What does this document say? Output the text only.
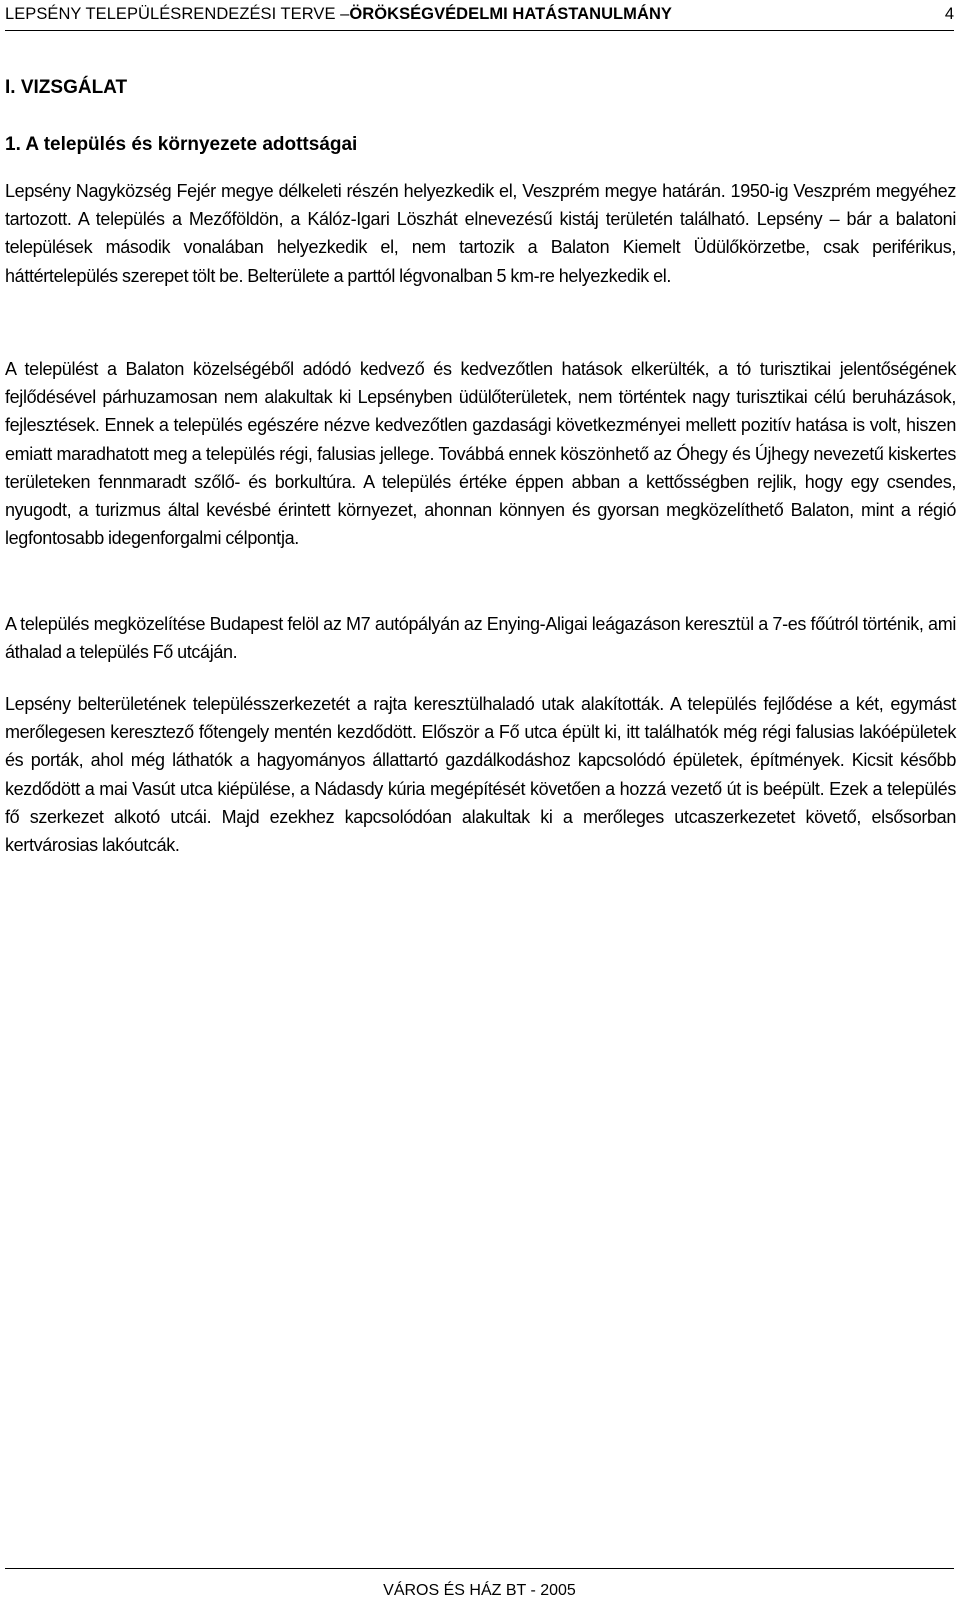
LEPSÉNY TELEPÜLÉSRENDEZÉSI TERVE –ÖRÖKSÉGVÉDELMI HATÁSTANULMÁNY	4
I. VIZSGÁLAT
1. A település és környezete adottságai

Lepsény Nagyközség Fejér megye délkeleti részén helyezkedik el, Veszprém megye határán. 1950-ig Veszprém megyéhez tartozott. A település a Mezőföldön, a Kálóz-Igari Löszhát elnevezésű kistáj területén található. Lepsény – bár a balatoni települések második vonalában helyezkedik el, nem tartozik a Balaton Kiemelt Üdülőkörzetbe, csak periférikus, háttértelepülés szerepet tölt be. Belterülete a parttól légvonalban 5 km-re helyezkedik el.

A települést a Balaton közelségéből adódó kedvező és kedvezőtlen hatások elkerülték, a tó turisztikai jelentőségének fejlődésével párhuzamosan nem alakultak ki Lepsényben üdülőterületek, nem történtek nagy turisztikai célú beruházások, fejlesztések. Ennek a település egészére nézve kedvezőtlen gazdasági következményei mellett pozitív hatása is volt, hiszen emiatt maradhatott meg a település régi, falusias jellege. Továbbá ennek köszönhető az Óhegy és Újhegy nevezetű kiskertes területeken fennmaradt szőlő- és borkultúra. A település értéke éppen abban a kettősségben rejlik, hogy egy csendes, nyugodt, a turizmus által kevésbé érintett környezet, ahonnan könnyen és gyorsan megközelíthető Balaton, mint a régió legfontosabb idegenforgalmi célpontja.

A település megközelítése Budapest felöl az M7 autópályán az Enying-Aligai leágazáson keresztül a 7-es főútról történik, ami áthalad a település Fő utcáján.

Lepsény belterületének településszerkezetét a rajta keresztülhaladó utak alakították. A település fejlődése a két, egymást merőlegesen keresztező főtengely mentén kezdődött. Először a Fő utca épült ki, itt találhatók még régi falusias lakóépületek és porták, ahol még láthatók a hagyományos állattartó gazdálkodáshoz kapcsolódó épületek, építmények. Kicsit később kezdődött a mai Vasút utca kiépülése, a Nádasdy kúria megépítését követően a hozzá vezető út is beépült. Ezek a település fő szerkezet alkotó utcái. Majd ezekhez kapcsolódóan alakultak ki a merőleges utcaszerkezetet követő, elsősorban kertvárosias lakóutcák.

VÁROS ÉS HÁZ BT - 2005
